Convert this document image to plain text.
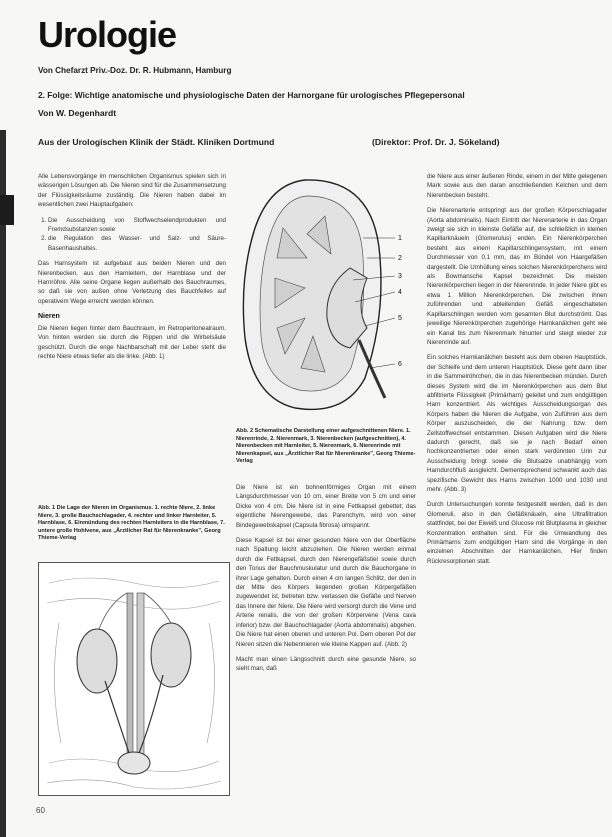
Urologie
Von Chefarzt Priv.-Doz. Dr. R. Hubmann, Hamburg
2. Folge: Wichtige anatomische und physiologische Daten der Harnorgane für urologisches Pflegepersonal
Von W. Degenhardt
Aus der Urologischen Klinik der Städt. Kliniken Dortmund	(Direktor: Prof. Dr. J. Sökeland)

Alle Lebensvorgänge im menschlichen Organismus spielen sich in wässerigen Lösungen ab. Die Nieren sind für die Zusammensetzung der Flüssigkeitsräume zuständig. Die Nieren haben dabei im wesentlichen zwei Hauptaufgaben:

1. Die Ausscheidung von Stoffwechselendprodukten und Fremdsubstanzen sowie
2. die Regulation des Wasser- und Salz- und Säure-Basenhaushaltes.

Das Harnsystem ist aufgebaut aus beiden Nieren und den Nierenbecken, aus den Harnleitern, der Harnblase und der Harnröhre. Alle seine Organe liegen außerhalb des Bauchraumes, so daß sie von außen ohne Verletzung des Bauchfelles auf operativem Wege erreicht werden können.

Nieren

Die Nieren liegen hinter dem Bauchraum, im Retroperitonealraum. Von hinten werden sie durch die Rippen und die Wirbelsäule geschützt. Durch die enge Nachbarschaft mit der Leber steht die rechte Niere etwas tiefer als die linke. (Abb. 1)

Abb. 1 Die Lage der Nieren im Organismus. 1. rechte Niere, 2. linke Niere, 3. große Bauchschlagader, 4. rechter und linker Harnleiter, 5. Harnblase, 6. Einmündung des rechten Harnleiters in die Harnblase, 7. untere große Hohlvene, aus „Ärztlicher Rat für Nierenkranke", Georg Thieme-Verlag
1
2
3
4
5
6
Abb. 2 Schematische Darstellung einer aufgeschnittenen Niere. 1. Nierenrinde, 2. Nierenmark, 3. Nierenbecken (aufgeschnitten), 4. Nierenbecken mit Harnleiter, 5. Nierenmark, 6. Nierenrinde mit Nierenkapsel, aus „Ärztlicher Rat für Nierenkranke", Georg Thieme-Verlag

Die Niere ist ein bohnenförmiges Organ mit einem Längsdurchmesser von 10 cm, einer Breite von 5 cm und einer Dicke von 4 cm. Die Niere ist in eine Fettkapsel gebettet; das eigentliche Nierengewebe, das Parenchym, wird von einer Bindegewebskapsel (Capsula fibrosa) umspannt.

Diese Kapsel ist bei einer gesunden Niere von der Oberfläche nach Spaltung leicht abzuziehen. Die Nieren werden einmal durch die Fettkapsel, durch den Nierengefäßstiel sowie durch den Tonus der Bauchmuskulatur und durch die Bauchorgane in ihrer Lage gehalten. Durch einen 4 cm langen Schlitz, der den in der Mitte des Körpers liegenden großen Körpergefäßen zugewendet ist, betreten bzw. verlassen die Gefäße und Nerven das Innere der Niere. Die Niere wird versorgt durch die Vene und Arterie renalis, die von der großen Körpervene (Vena cava inferior) bzw. der Bauchschlagader (Aorta abdominalis) abgehen. Die Niere hat einen oberen und unteren Pol. Dem oberen Pol der Nieren sitzen die Nebennieren wie kleine Kappen auf. (Abb. 2)

Macht man einen Längsschnitt durch eine gesunde Niere, so sieht man, daß

die Niere aus einer äußeren Rinde, einem in der Mitte gelegenen Mark sowie aus den daran anschließenden Kelchen und dem Nierenbecken besteht.

Die Nierenarterie entspringt aus der großen Körperschlagader (Aorta abdominalis). Nach Eintritt der Nierenarterie in das Organ zweigt sie sich in kleinste Gefäße auf, die schließlich in kleinen Kapillarknäueln (Glomerulus) enden. Ein Nierenkörperchen besteht aus einem Kapillarschlingensystem, mit einem Durchmesser von 0,1 mm, das im Bündel von Haargefäßen dargestellt. Die Umhüllung eines solchen Nierenkörperchens wird als Bowmansche Kapsel bezeichnet. Die meisten Nierenkörperchen liegen in der Nierenrinde. In jeder Niere gibt es etwa 1 Million Nierenkörperchen. Die zwischen ihnen zuführenden und ableitenden Gefäß eingeschalteten Kapillarschlingen werden vom gesamten Blut durchströmt. Das jeweilige Nierenkörperchen zugehörige Harnkanälchen geht wie ein Kanal bis zum Nierenmark hinunter und steigt wieder zur Nierenrinde auf.

Ein solches Harnkanälchen besteht aus dem oberen Hauptstück, der Schleife und dem unteren Hauptstück. Diese geht dann über in die Sammelröhrchen, die in das Nierenbecken münden. Durch dieses System wird die im Nierenkörperchen aus dem Blut abfiltrierte Flüssigkeit (Primärharn) geleitet und zum endgültigen Harn konzentriert. Als wichtiges Ausscheidungsorgan des Körpers haben die Nieren die Aufgabe, von Zuführen aus dem Körper auszuscheiden, die der Nahrung bzw. dem Zellstoffwechsel entstammen. Diesen Aufgaben wird die Niere dadurch gerecht, daß sie je nach Bedarf einen hochkonzentrierten oder einen stark verdünnten Urin zur Ausscheidung bringt sowie die Blutsalze unabhängig vom Harndurchfluß ausgleicht. Dementsprechend schwankt auch das spezifische Gewicht des Harns zwischen 1000 und 1030 und mehr. (Abb. 3)

Durch Untersuchungen konnte festgestellt werden, daß in den Glomeruli, also in den Gefäßknäueln, eine Ultrafiltration stattfindet, bei der Eiweiß und Glucose mit Blutplasma in gleicher Konzentration enthalten sind. Für die Umwandlung des Primärharns zum endgültigen Harn sind die Vorgänge in den einzelnen Abschnitten der Harnkanälchen. Hier finden Rückresorptionen statt.

60
